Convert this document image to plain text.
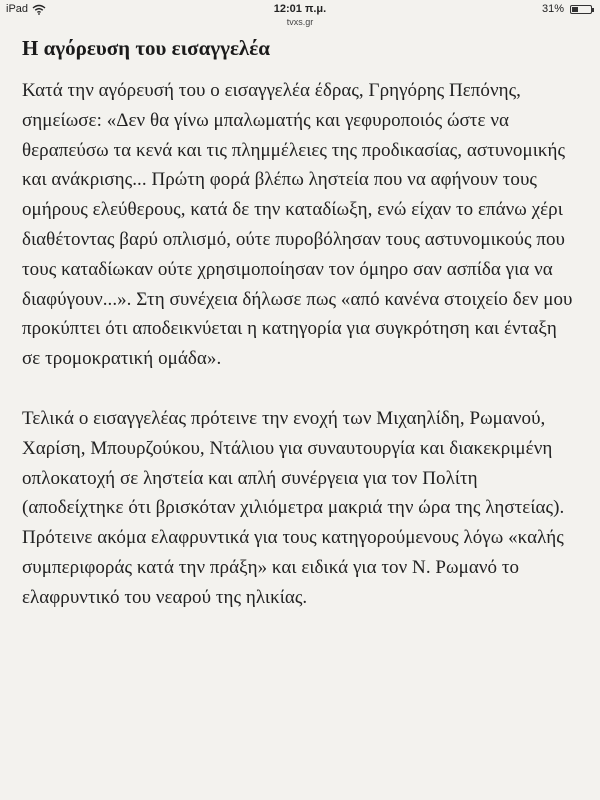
iPad	12:01 π.μ.	31%
tvxs.gr
Η αγόρευση του εισαγγελέα

Κατά την αγόρευσή του ο εισαγγελέα έδρας, Γρηγόρης Πεπόνης, σημείωσε: «Δεν θα γίνω μπαλωματής και γεφυροποιός ώστε να θεραπεύσω τα κενά και τις πλημμέλειες της προδικασίας, αστυνομικής και ανάκρισης... Πρώτη φορά βλέπω ληστεία που να αφήνουν τους ομήρους ελεύθερους, κατά δε την καταδίωξη, ενώ είχαν το επάνω χέρι διαθέτοντας βαρύ οπλισμό, ούτε πυροβόλησαν τους αστυνομικούς που τους καταδίωκαν ούτε χρησιμοποίησαν τον όμηρο σαν ασπίδα για να διαφύγουν...». Στη συνέχεια δήλωσε πως «από κανένα στοιχείο δεν μου προκύπτει ότι αποδεικνύεται η κατηγορία για συγκρότηση και ένταξη σε τρομοκρατική ομάδα».

Τελικά ο εισαγγελέας πρότεινε την ενοχή των Μιχαηλίδη, Ρωμανού, Χαρίση, Μπουρζούκου, Ντάλιου για συναυτουργία και διακεκριμένη οπλοκατοχή σε ληστεία και απλή συνέργεια για τον Πολίτη (αποδείχτηκε ότι βρισκόταν χιλιόμετρα μακριά την ώρα της ληστείας). Πρότεινε ακόμα ελαφρυντικά για τους κατηγορούμενους λόγω «καλής συμπεριφοράς κατά την πράξη» και ειδικά για τον Ν. Ρωμανό το ελαφρυντικό του νεαρού της ηλικίας.
